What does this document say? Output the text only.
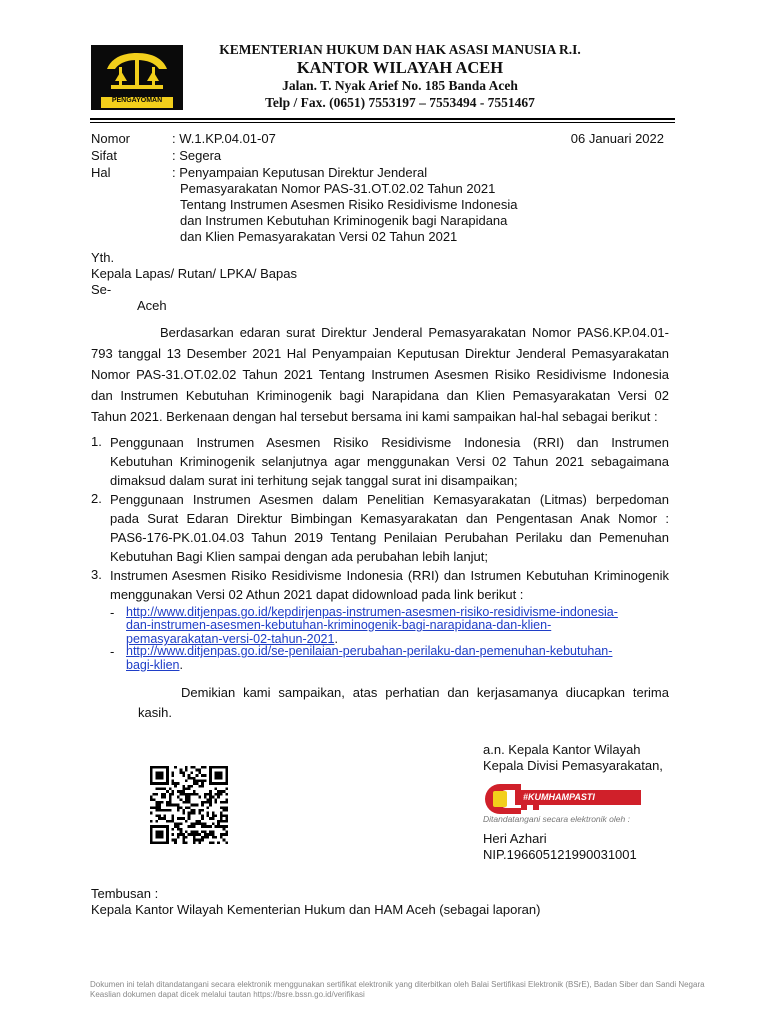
PENGAYOMAN
KEMENTERIAN HUKUM DAN HAK ASASI MANUSIA R.I.
KANTOR WILAYAH ACEH
Jalan. T. Nyak Arief No. 185 Banda Aceh
Telp / Fax. (0651) 7553197 – 7553494 - 7551467
Nomor	: W.1.KP.04.01-07	06 Januari 2022
Sifat	: Segera
Hal	: Penyampaian Keputusan Direktur Jenderal
Pemasyarakatan Nomor PAS-31.OT.02.02 Tahun 2021
Tentang Instrumen Asesmen Risiko Residivisme Indonesia
dan Instrumen Kebutuhan Kriminogenik bagi Narapidana
dan Klien Pemasyarakatan Versi 02 Tahun 2021
Yth.
Kepala Lapas/ Rutan/ LPKA/ Bapas
Se-
Aceh
Berdasarkan edaran surat Direktur Jenderal Pemasyarakatan Nomor PAS6.KP.04.01-
793 tanggal 13 Desember 2021 Hal Penyampaian Keputusan Direktur Jenderal Pemasyarakatan
Nomor PAS-31.OT.02.02 Tahun 2021 Tentang Instrumen Asesmen Risiko Residivisme Indonesia
dan Instrumen Kebutuhan Kriminogenik bagi Narapidana dan Klien Pemasyarakatan Versi 02
Tahun 2021. Berkenaan dengan hal tersebut bersama ini kami sampaikan hal-hal sebagai berikut :
1. Penggunaan Instrumen Asesmen Risiko Residivisme Indonesia (RRI) dan Instrumen
Kebutuhan Kriminogenik selanjutnya agar menggunakan Versi 02 Tahun 2021 sebagaimana
dimaksud dalam surat ini terhitung sejak tanggal surat ini disampaikan;
2. Penggunaan Instrumen Asesmen dalam Penelitian Kemasyarakatan (Litmas) berpedoman
pada Surat Edaran Direktur Bimbingan Kemasyarakatan dan Pengentasan Anak Nomor :
PAS6-176-PK.01.04.03 Tahun 2019 Tentang Penilaian Perubahan Perilaku dan Pemenuhan
Kebutuhan Bagi Klien sampai dengan ada perubahan lebih lanjut;
3. Instrumen Asesmen Risiko Residivisme Indonesia (RRI) dan Istrumen Kebutuhan Kriminogenik
menggunakan Versi 02 Athun 2021 dapat didownload pada link berikut :
- http://www.ditjenpas.go.id/kepdirjenpas-instrumen-asesmen-risiko-residivisme-indonesia-
dan-instrumen-asesmen-kebutuhan-kriminogenik-bagi-narapidana-dan-klien-
pemasyarakatan-versi-02-tahun-2021.
- http://www.ditjenpas.go.id/se-penilaian-perubahan-perilaku-dan-pemenuhan-kebutuhan-
bagi-klien.
Demikian kami sampaikan, atas perhatian dan kerjasamanya diucapkan terima
kasih.
a.n. Kepala Kantor Wilayah
Kepala Divisi Pemasyarakatan,
#KUMHAMPASTI
Ditandatangani secara elektronik oleh :
Heri Azhari
NIP.196605121990031001
Tembusan :
Kepala Kantor Wilayah Kementerian Hukum dan HAM Aceh (sebagai laporan)
Dokumen ini telah ditandatangani secara elektronik menggunakan sertifikat elektronik yang diterbitkan oleh Balai Sertifikasi Elektronik (BSrE), Badan Siber dan Sandi Negara
Keaslian dokumen dapat dicek melalui tautan https://bsre.bssn.go.id/verifikasi
